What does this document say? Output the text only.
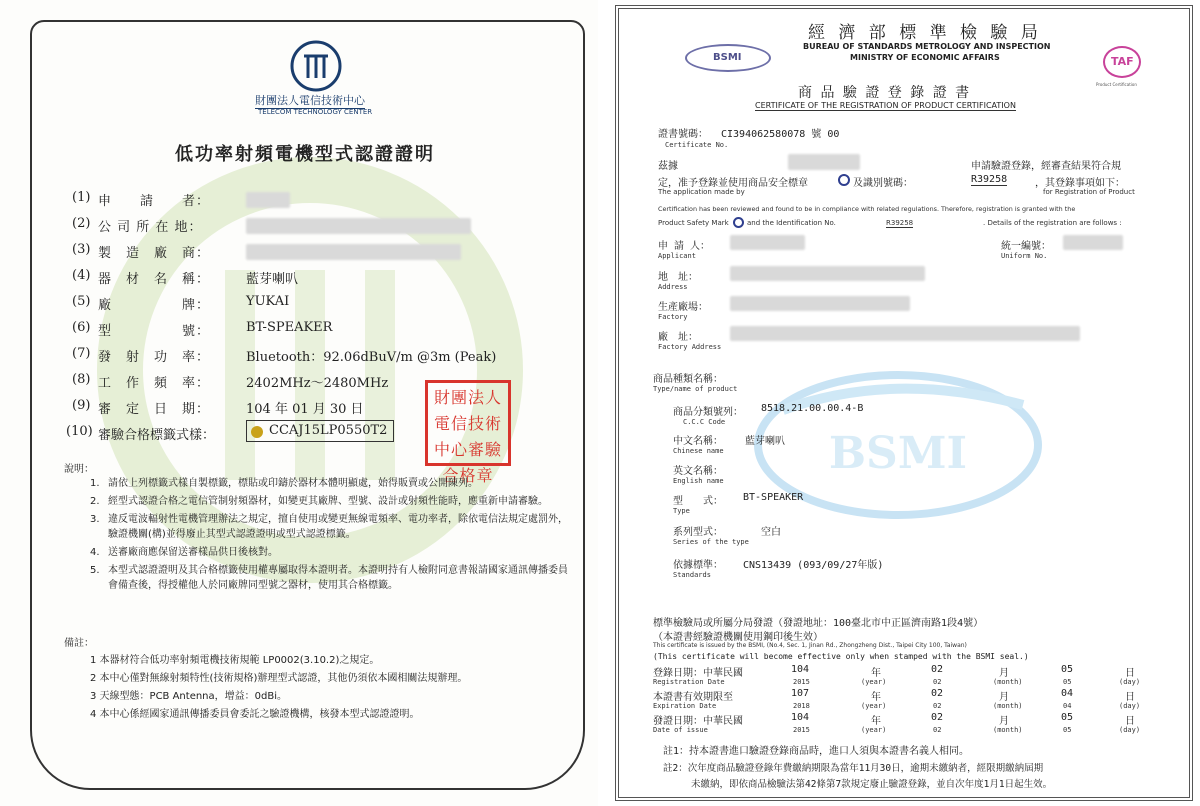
財團法人電信技術中心
TELECOM TECHNOLOGY CENTER
低功率射頻電機型式認證證明
(1) 申　　請　　者：
(2) 公 司 所 在 地：
(3) 製　造　廠　商：
(4) 器　材　名　稱：	藍芽喇叭
(5) 廠　　　　　牌：	YUKAI
(6) 型　　　　　號：	BT-SPEAKER
(7) 發　射　功　率：	Bluetooth：92.06dBuV/m @3m (Peak)
(8) 工　作　頻　率：	2402MHz～2480MHz
(9) 審　定　日　期：	104 年 01 月 30 日
(10) 審驗合格標籤式樣：	CCAJ15LP0550T2
財團法人電信技術中心審驗合格章
說明：
1. 請依上列標籤式樣自製標籤，標貼或印鑄於器材本體明顯處，始得販賣或公開陳列。
2. 經型式認證合格之電信管制射頻器材，如變更其廠牌、型號、設計或射頻性能時，應重新申請審驗。
3. 違反電波輻射性電機管理辦法之規定，擅自使用或變更無線電頻率、電功率者，除依電信法規定處罰外，驗證機關(構)並得廢止其型式認證證明或型式認證標籤。
4. 送審廠商應保留送審樣品供日後核對。
5. 本型式認證證明及其合格標籤使用權專屬取得本證明者。本證明持有人檢附同意書報請國家通訊傳播委員會備查後，得授權他人於同廠牌同型號之器材，使用其合格標籤。
備註：
1 本器材符合低功率射頻電機技術規範 LP0002(3.10.2)之規定。
2 本中心僅對無線射頻特性(技術規格)辦理型式認證，其他仍須依本國相關法規辦理。
3 天線型態：PCB Antenna，增益：0dBi。
4 本中心係經國家通訊傳播委員會委託之驗證機構，核發本型式認證證明。
BSMI
經 濟 部 標 準 檢 驗 局
BUREAU OF STANDARDS METROLOGY AND INSPECTION
MINISTRY OF ECONOMIC AFFAIRS
BSMI	TAF
Product Certification
商 品 驗 證 登 錄 證 書
CERTIFICATE OF THE REGISTRATION OF PRODUCT CERTIFICATION
證書號碼： CI394062580078 號 00
Certificate No.
茲據	申請驗證登錄，經審查結果符合規
定，准予登錄並使用商品安全標章	及識別號碼：	R39258	，其登錄事項如下：
The application made by	for Registration of Product
Certification has been reviewed and found to be in compliance with related regulations. Therefore, registration is granted with the
Product Safety Mark	and the Identification No.	R39258	. Details of the registration are follows :
申 請 人：
Applicant
統一編號：
Uniform No.
地　址：
Address
生產廠場：
Factory
廠　址：
Factory Address
商品種類名稱：
Type/name of product
商品分類號列： 8518.21.00.00.4-B
C.C.C Code
中文名稱： 藍芽喇叭
Chinese name
英文名稱：
English name
型　　式： BT-SPEAKER
Type
系列型式：	空白
Series of the type
依據標準： CNS13439 (093/09/27年版)
Standards
標準檢驗局或所屬分局發證（發證地址：100臺北市中正區濟南路1段4號）
（本證書經驗證機關使用鋼印後生效）
This certificate is issued by the BSMI, (No.4, Sec. 1, Jinan Rd., Zhongzheng Dist., Taipei City 100, Taiwan)
(This certificate will become effective only when stamped with the BSMI seal.)
登錄日期：中華民國	104	年	02	月	05	日
Registration Date	2015	(year)	02	(month)	05	(day)
本證書有效期限至	107	年	02	月	04	日
Expiration Date	2018	(year)	02	(month)	04	(day)
發證日期：中華民國	104	年	02	月	05	日
Date of issue	2015	(year)	02	(month)	05	(day)
註1：持本證書進口驗證登錄商品時，進口人須與本證書名義人相同。
註2：次年度商品驗證登錄年費繳納期限為當年11月30日，逾期未繳納者，經限期繳納屆期
未繳納，即依商品檢驗法第42條第7款規定廢止驗證登錄，並自次年度1月1日起生效。
